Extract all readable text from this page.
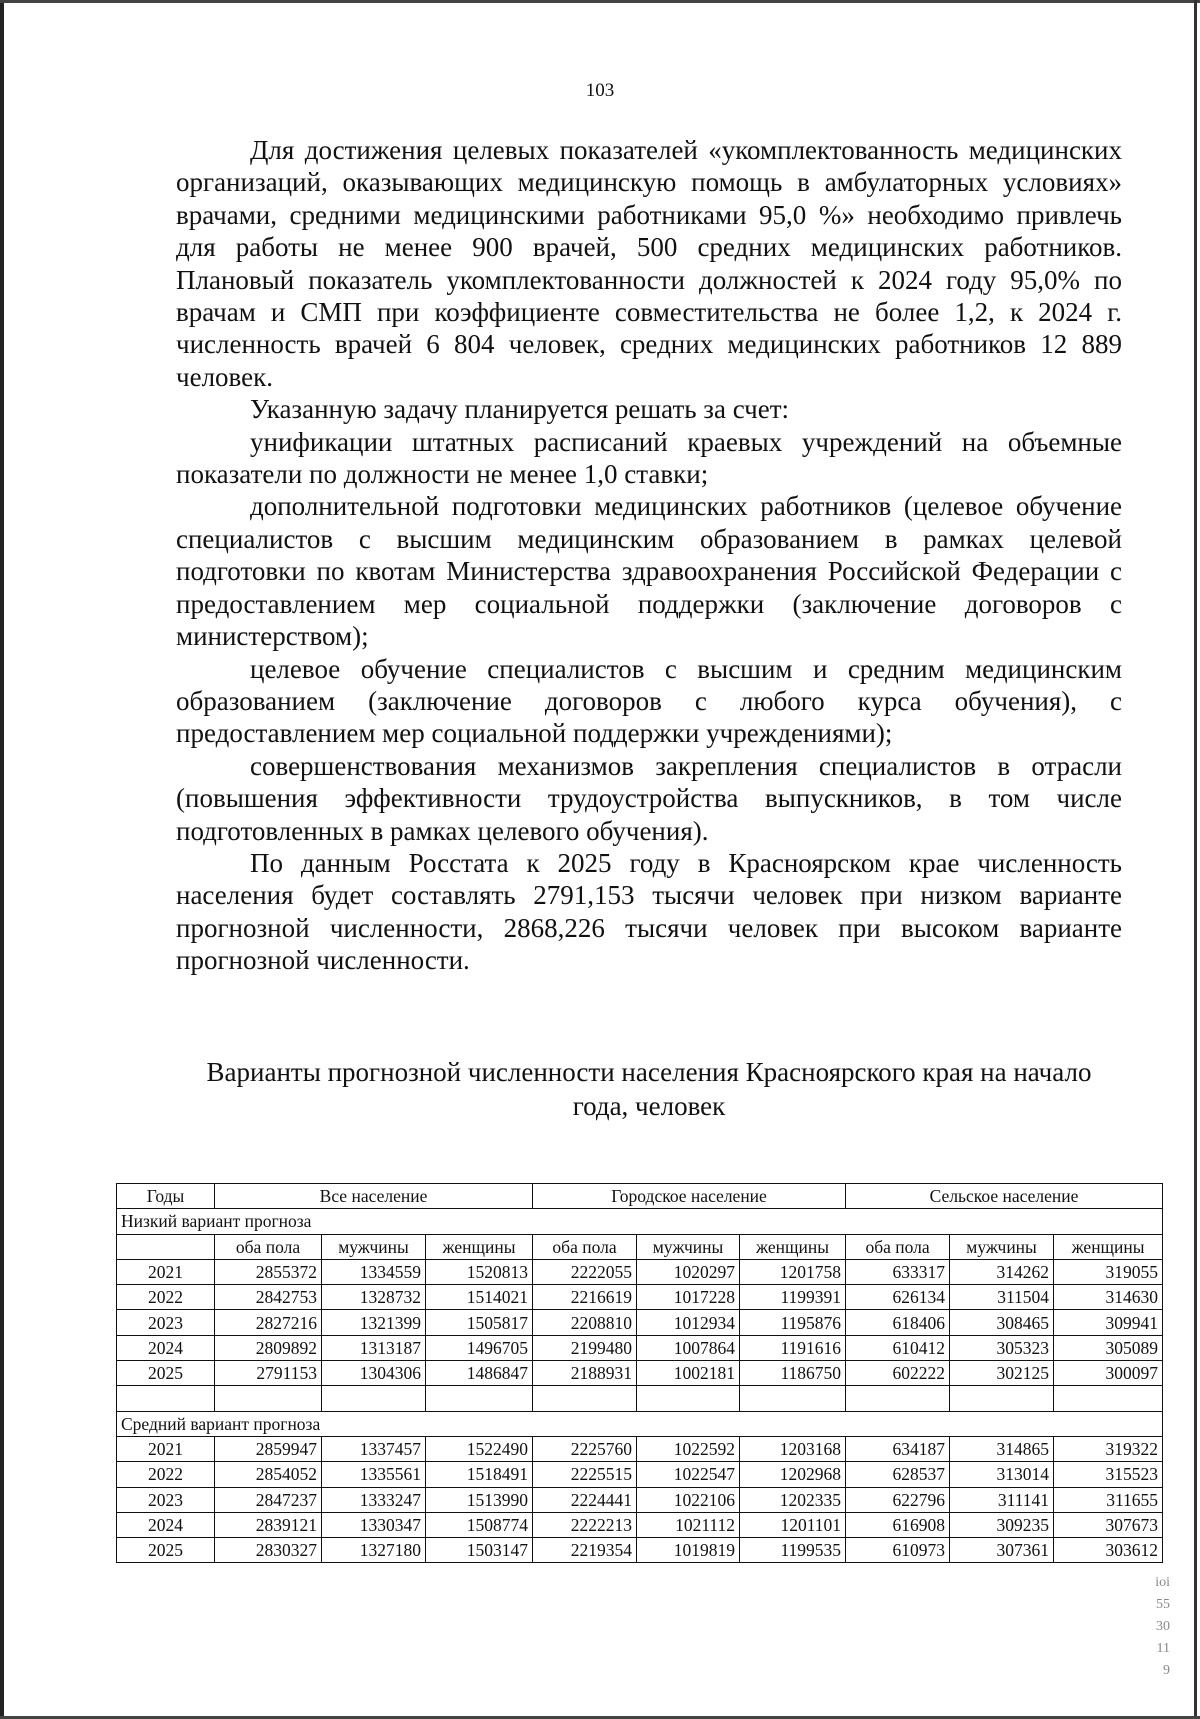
103

Для достижения целевых показателей «укомплектованность медицинских организаций, оказывающих медицинскую помощь в амбулаторных условиях» врачами, средними медицинскими работниками 95,0 %» необходимо привлечь для работы не менее 900 врачей, 500 средних медицинских работников. Плановый показатель укомплектованности должностей к 2024 году 95,0% по врачам и СМП при коэффициенте совместительства не более 1,2, к 2024 г. численность врачей 6 804 человек, средних медицинских работников 12 889 человек.

Указанную задачу планируется решать за счет:

унификации штатных расписаний краевых учреждений на объемные показатели по должности не менее 1,0 ставки;

дополнительной подготовки медицинских работников (целевое обучение специалистов с высшим медицинским образованием в рамках целевой подготовки по квотам Министерства здравоохранения Российской Федерации с предоставлением мер социальной поддержки (заключение договоров с министерством);

целевое обучение специалистов с высшим и средним медицинским образованием (заключение договоров с любого курса обучения), с предоставлением мер социальной поддержки учреждениями);

совершенствования механизмов закрепления специалистов в отрасли (повышения эффективности трудоустройства выпускников, в том числе подготовленных в рамках целевого обучения).

По данным Росстата к 2025 году в Красноярском крае численность населения будет составлять 2791,153 тысячи человек при низком варианте прогнозной численности, 2868,226 тысячи человек при высоком варианте прогнозной численности.

Варианты прогнозной численности населения Красноярского края на начало года, человек
Годы	Все население			Городское население			Сельское население		
Низкий вариант прогноза									
	оба пола	мужчины	женщины	оба пола	мужчины	женщины	оба пола	мужчины	женщины
2021	2855372	1334559	1520813	2222055	1020297	1201758	633317	314262	319055
2022	2842753	1328732	1514021	2216619	1017228	1199391	626134	311504	314630
2023	2827216	1321399	1505817	2208810	1012934	1195876	618406	308465	309941
2024	2809892	1313187	1496705	2199480	1007864	1191616	610412	305323	305089
2025	2791153	1304306	1486847	2188931	1002181	1186750	602222	302125	300097

Средний вариант прогноза									
2021	2859947	1337457	1522490	2225760	1022592	1203168	634187	314865	319322
2022	2854052	1335561	1518491	2225515	1022547	1202968	628537	313014	315523
2023	2847237	1333247	1513990	2224441	1022106	1202335	622796	311141	311655
2024	2839121	1330347	1508774	2222213	1021112	1201101	616908	309235	307673
2025	2830327	1327180	1503147	2219354	1019819	1199535	610973	307361	303612
ioi
55
30
11
9
